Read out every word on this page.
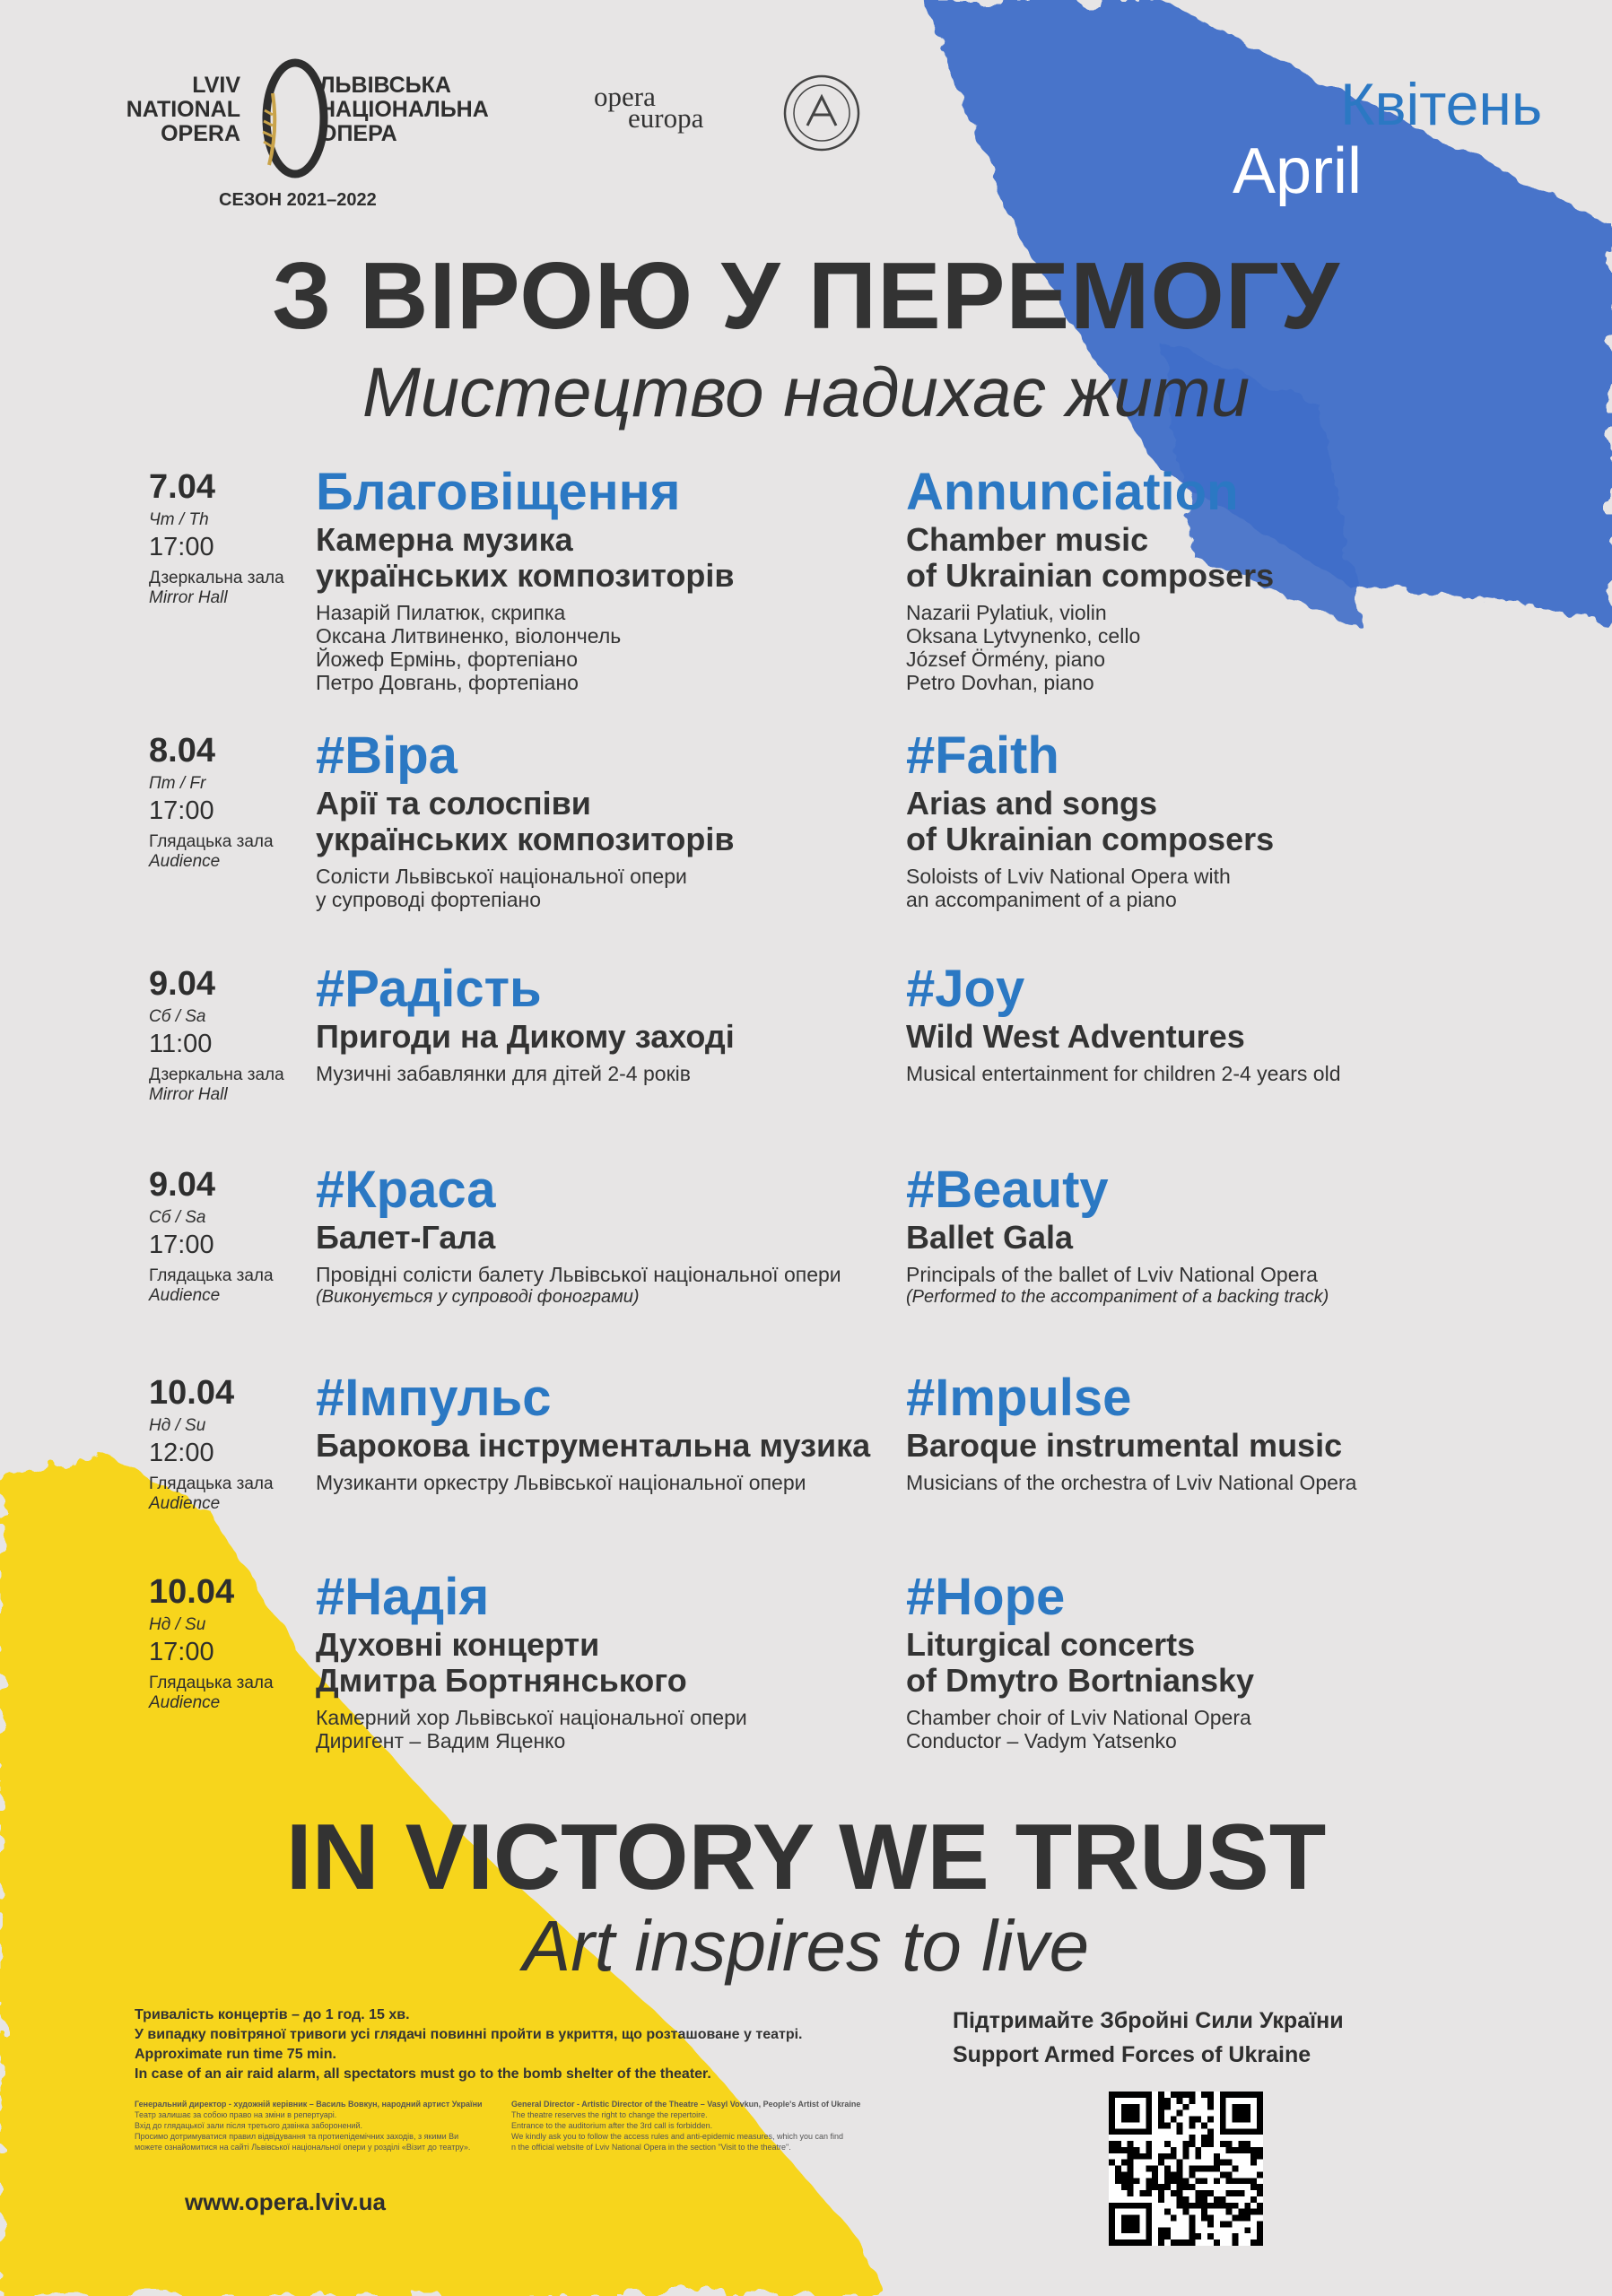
LVIV
NATIONAL
OPERA
ЛЬВІВСЬКА
НАЦІОНАЛЬНА
ОПЕРА
СЕЗОН 2021–2022
opera
europa	Квітень
April
З ВІРОЮ У ПЕРЕМОГУ
Мистецтво надихає жити
7.04
Чт / Th
17:00
Дзеркальна зала
Mirror Hall
Благовіщення
Камерна музика
українських композиторів
Назарій Пилатюк, скрипка
Оксана Литвиненко, віолончель
Йожеф Ермінь, фортепіано
Петро Довгань, фортепіано
Annunciation
Chamber music
of Ukrainian composers
Nazarii Pylatiuk, violin
Oksana Lytvynenko, cello
József Örmény, piano
Petro Dovhan, piano
8.04
Пт / Fr
17:00
Глядацька зала
Audience
#Віра
Арії та солоспіви
українських композиторів
Солісти Львівської національної опери
у супроводі фортепіано
#Faith
Arias and songs
of Ukrainian composers
Soloists of Lviv National Opera with
an accompaniment of a piano
9.04
Сб / Sa
11:00
Дзеркальна зала
Mirror Hall
#Радість
Пригоди на Дикому заході
Музичні забавлянки для дітей 2-4 років
#Joy
Wild West Adventures
Musical entertainment for children 2-4 years old
9.04
Сб / Sa
17:00
Глядацька зала
Audience
#Краса
Балет-Гала
Провідні солісти балету Львівської національної опери
(Виконується у супроводі фонограми)
#Beauty
Ballet Gala
Principals of the ballet of Lviv National Opera
(Performed to the accompaniment of a backing track)
10.04
Нд / Su
12:00
Глядацька зала
Audience
#Імпульс
Барокова інструментальна музика
Музиканти оркестру Львівської національної опери
#Impulse
Baroque instrumental music
Musicians of the orchestra of Lviv National Opera
10.04
Нд / Su
17:00
Глядацька зала
Audience
#Надія
Духовні концерти
Дмитра Бортнянського
Камерний хор Львівської національної опери
Диригент – Вадим Яценко
#Hope
Liturgical concerts
of Dmytro Bortniansky
Chamber choir of Lviv National Opera
Conductor – Vadym Yatsenko
IN VICTORY WE TRUST
Art inspires to live
Тривалість концертів – до 1 год. 15 хв.
У випадку повітряної тривоги усі глядачі повинні пройти в укриття, що розташоване у театрі.
Approximate run time 75 min.
In case of an air raid alarm, all spectators must go to the bomb shelter of the theater.
Генеральний директор - художній керівник – Василь Вовкун, народний артист України
Театр залишає за собою право на зміни в репертуарі.
Вхід до глядацької зали після третього дзвінка заборонений.
Просимо дотримуватися правил відвідування та протиепідемічних заходів, з якими Ви
можете ознайомитися на сайті Львівської національної опери у розділі «Візит до театру».
General Director - Artistic Director of the Theatre – Vasyl Vovkun, People's Artist of Ukraine
The theatre reserves the right to change the repertoire.
Entrance to the auditorium after the 3rd call is forbidden.
We kindly ask you to follow the access rules and anti-epidemic measures, which you can find
n the official website of Lviv National Opera in the section "Visit to the theatre".
Підтримайте Збройні Сили України
Support Armed Forces of Ukraine
www.opera.lviv.ua
